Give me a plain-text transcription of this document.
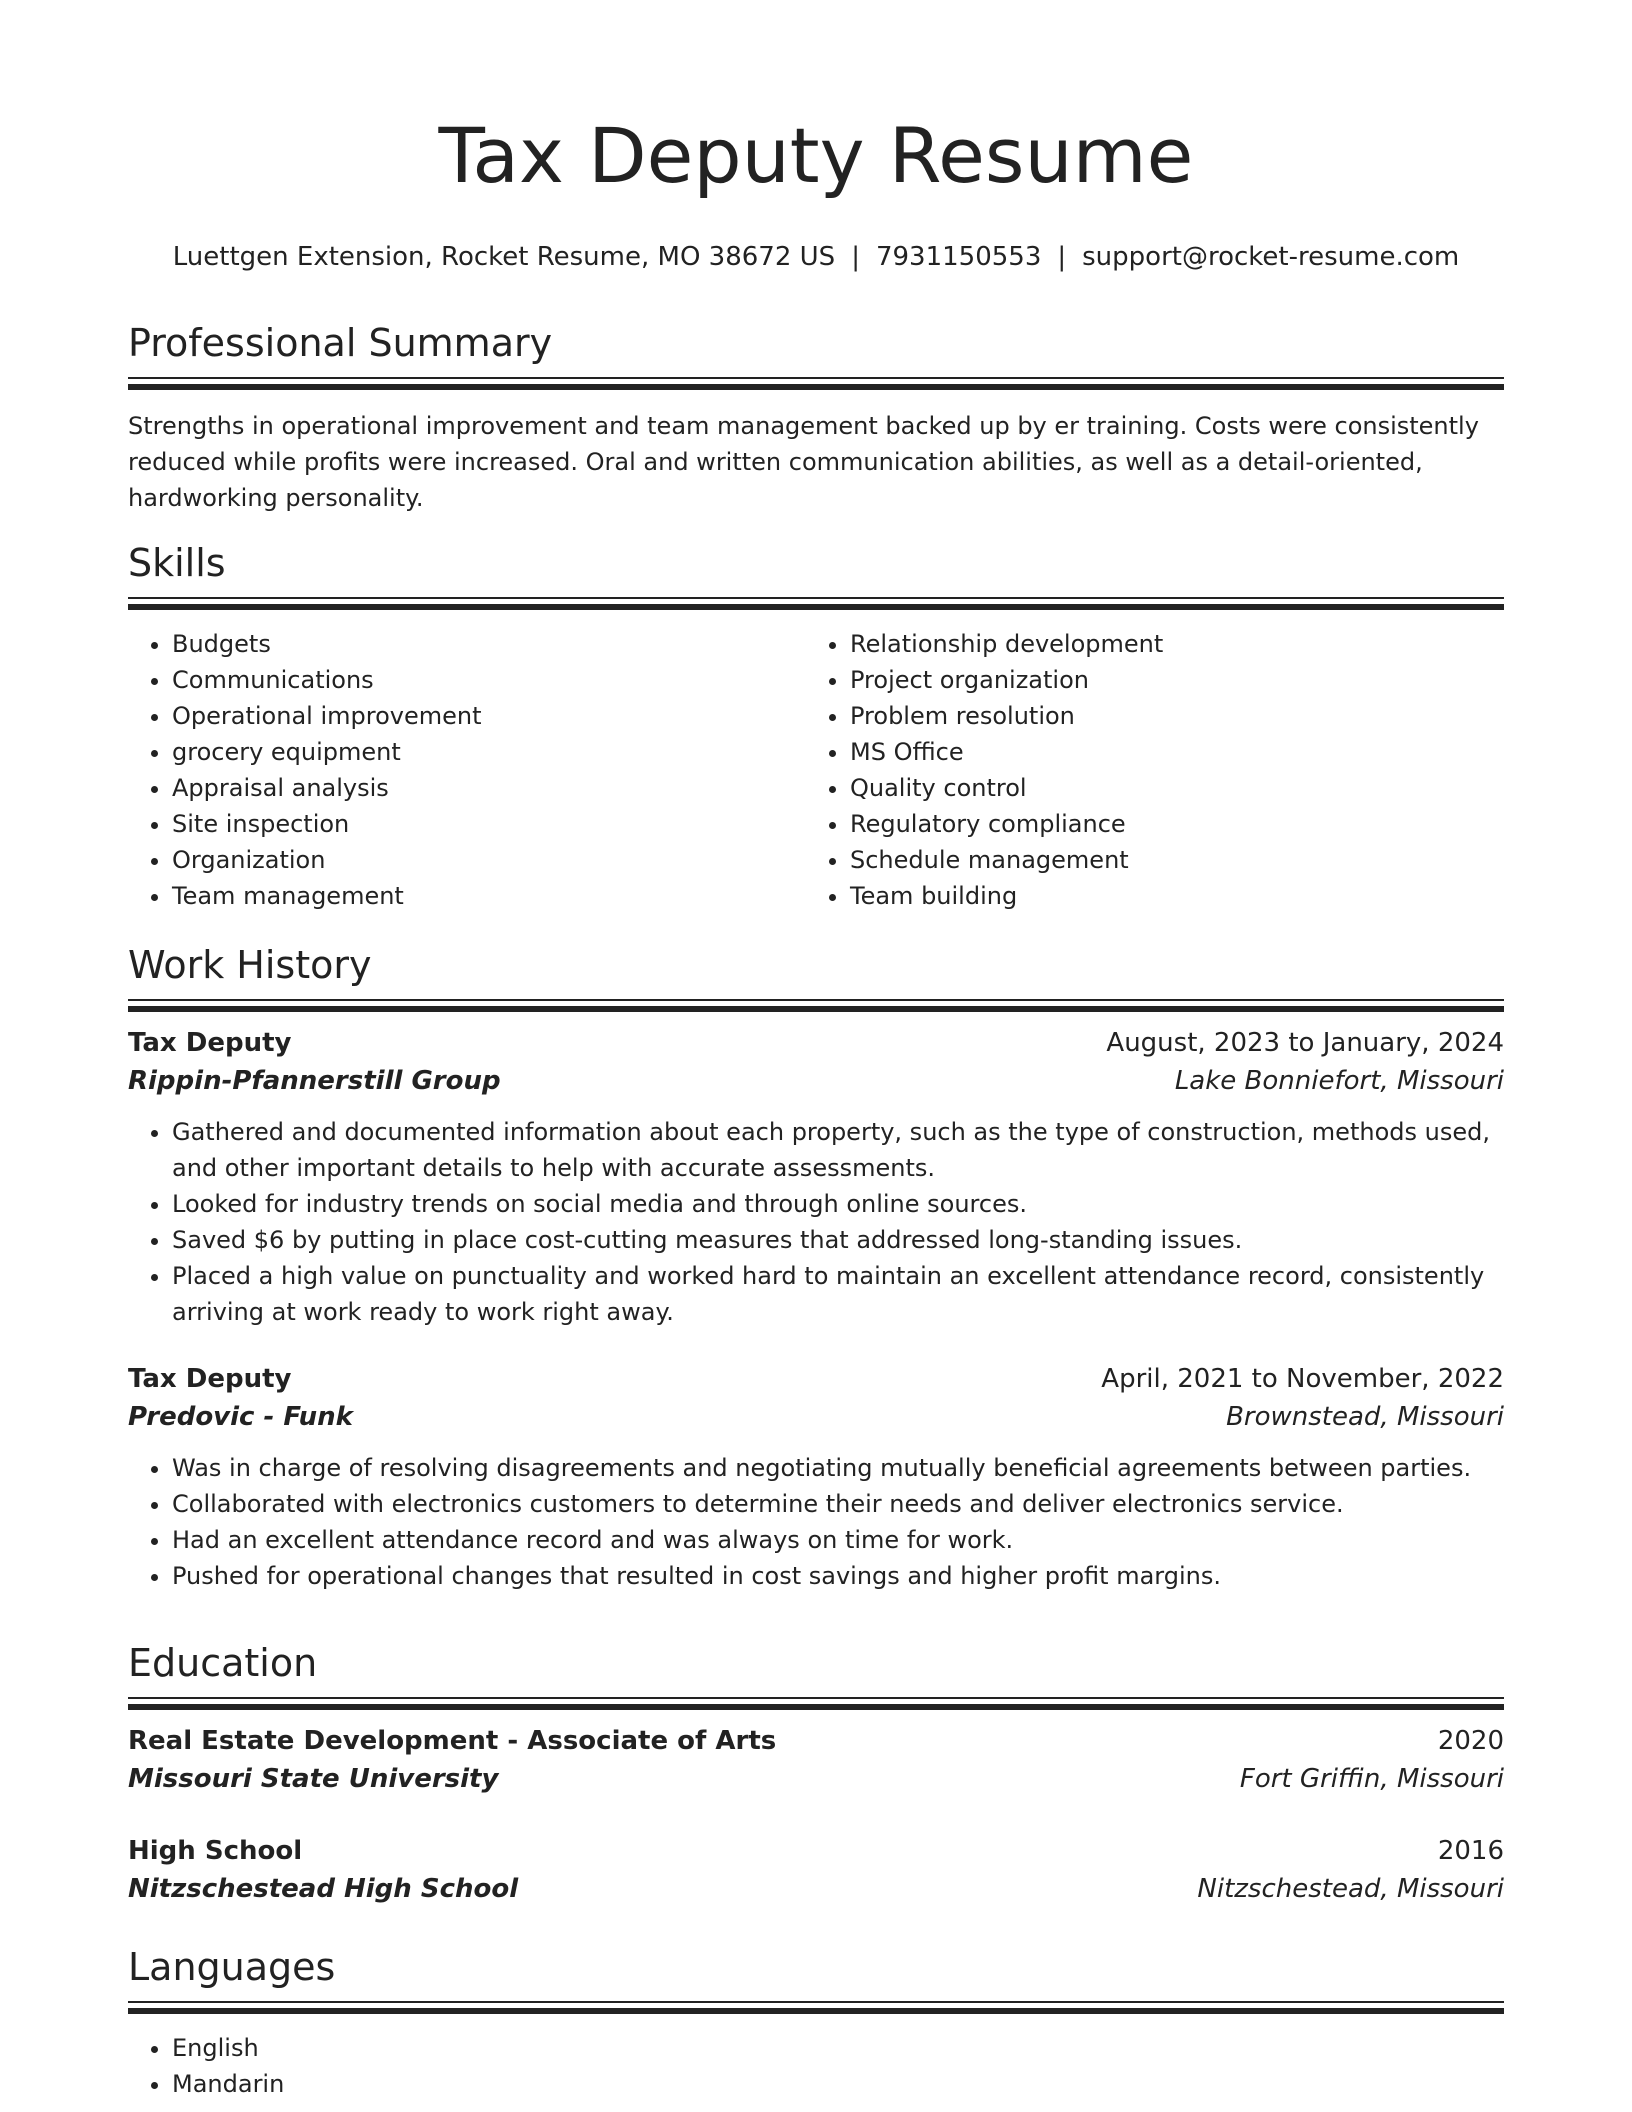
Tax Deputy Resume
Luettgen Extension, Rocket Resume, MO 38672 US | 7931150553 | support@rocket-resume.com
Professional Summary

Strengths in operational improvement and team management backed up by er training. Costs were consistently reduced while profits were increased. Oral and written communication abilities, as well as a detail-oriented, hardworking personality.

Skills
• Budgets
• Communications
• Operational improvement
• grocery equipment
• Appraisal analysis
• Site inspection
• Organization
• Team management
• Relationship development
• Project organization
• Problem resolution
• MS Office
• Quality control
• Regulatory compliance
• Schedule management
• Team building
Work History
Tax Deputy	August, 2023 to January, 2024
Rippin-Pfannerstill Group	Lake Bonniefort, Missouri
• Gathered and documented information about each property, such as the type of construction, methods used, and other important details to help with accurate assessments.
• Looked for industry trends on social media and through online sources.
• Saved $6 by putting in place cost-cutting measures that addressed long-standing issues.
• Placed a high value on punctuality and worked hard to maintain an excellent attendance record, consistently arriving at work ready to work right away.
Tax Deputy	April, 2021 to November, 2022
Predovic - Funk	Brownstead, Missouri
• Was in charge of resolving disagreements and negotiating mutually beneficial agreements between parties.
• Collaborated with electronics customers to determine their needs and deliver electronics service.
• Had an excellent attendance record and was always on time for work.
• Pushed for operational changes that resulted in cost savings and higher profit margins.
Education
Real Estate Development - Associate of Arts	2020
Missouri State University	Fort Griffin, Missouri
High School	2016
Nitzschestead High School	Nitzschestead, Missouri
Languages
• English
• Mandarin
